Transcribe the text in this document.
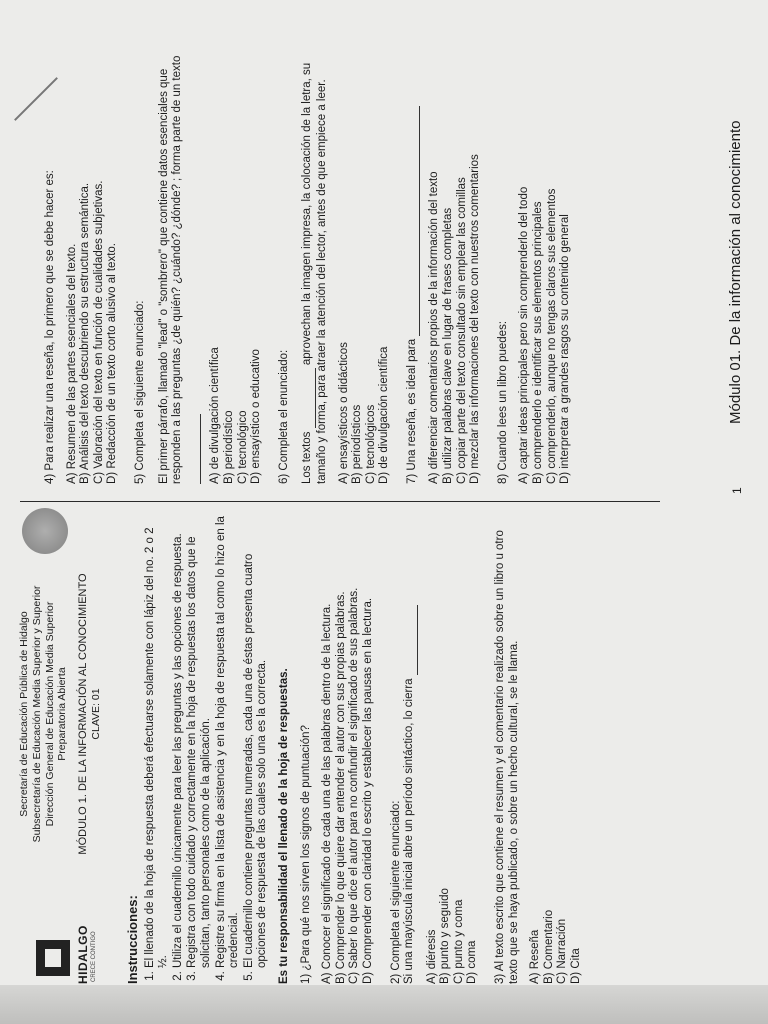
HIDALGO CRECE CONTIGO
Secretaría de Educación Pública de Hidalgo Subsecretaría de Educación Media Superior y Superior Dirección General de Educación Media Superior Preparatoria Abierta MÓDULO 1. DE LA INFORMACIÓN AL CONOCIMIENTO CLAVE: 01
Instrucciones: 1. El llenado de la hoja de respuesta deberá efectuarse solamente con lápiz del no. 2 o 2 ½. 2. Utiliza el cuadernillo únicamente para leer las preguntas y las opciones de respuesta. 3. Registra con todo cuidado y correctamente en la hoja de respuestas los datos que le solicitan, tanto personales como de la aplicación. 4. Registre su firma en la lista de asistencia y en la hoja de respuesta tal como lo hizo en la credencial. 5. El cuadernillo contiene preguntas numeradas, cada una de éstas presenta cuatro opciones de respuesta de las cuales solo una es la correcta. Es tu responsabilidad el llenado de la hoja de respuestas. 1) ¿Para qué nos sirven los signos de puntuación? A) Conocer el significado de cada una de las palabras dentro de la lectura. B) Comprender lo que quiere dar entender el autor con sus propias palabras. C) Saber lo que dice el autor para no confundir el significado de sus palabras. D) Comprender con claridad lo escrito y establecer las pausas en la lectura. 2) Completa el siguiente enunciado: Si una mayúscula inicial abre un período sintáctico, lo cierra A) diéresis B) punto y seguido C) punto y coma D) coma 3) Al texto escrito que contiene el resumen y el comentario realizado sobre un libro u otro texto que se haya publicado, o sobre un hecho cultural, se le llama. A) Reseña B) Comentario C) Narración D) Cita
4) Para realizar una reseña, lo primero que se debe hacer es: A) Resumen de las partes esenciales del texto. B) Análisis del texto descubriendo su estructura semántica. C) Valoración del texto en función de cualidades subjetivas. D) Redacción de un texto corto alusivo al texto. 5) Completa el siguiente enunciado: El primer párrafo, llamado "lead" o "sombrero" que contiene datos esenciales que responden a las preguntas ¿de quién? ¿cuándo? ¿dónde? ; forma parte de un texto
A) de divulgación científica B) periodístico C) tecnológico D) ensayístico o educativo 6) Completa el enunciado: Los textos   aprovechan la imagen impresa, la colocación de la letra, su tamaño y forma, para atraer la atención del lector, antes de que empiece a leer. A) ensayísticos o didácticos B) periodísticos C) tecnológicos D) de divulgación científica 7) Una reseña, es ideal para A) diferenciar comentarios propios de la información del texto B) utilizar palabras clave en lugar de frases completas C) copiar parte del texto consultado sin emplear las comillas D) mezclar las informaciones del texto con nuestros comentarios 8) Cuando lees un libro puedes: A) captar ideas principales pero sin comprenderlo del todo B) comprenderlo e identificar sus elementos principales C) comprenderlo, aunque no tengas claros sus elementos D) interpretar a grandes rasgos su contenido general
1
Módulo 01. De la información al conocimiento
